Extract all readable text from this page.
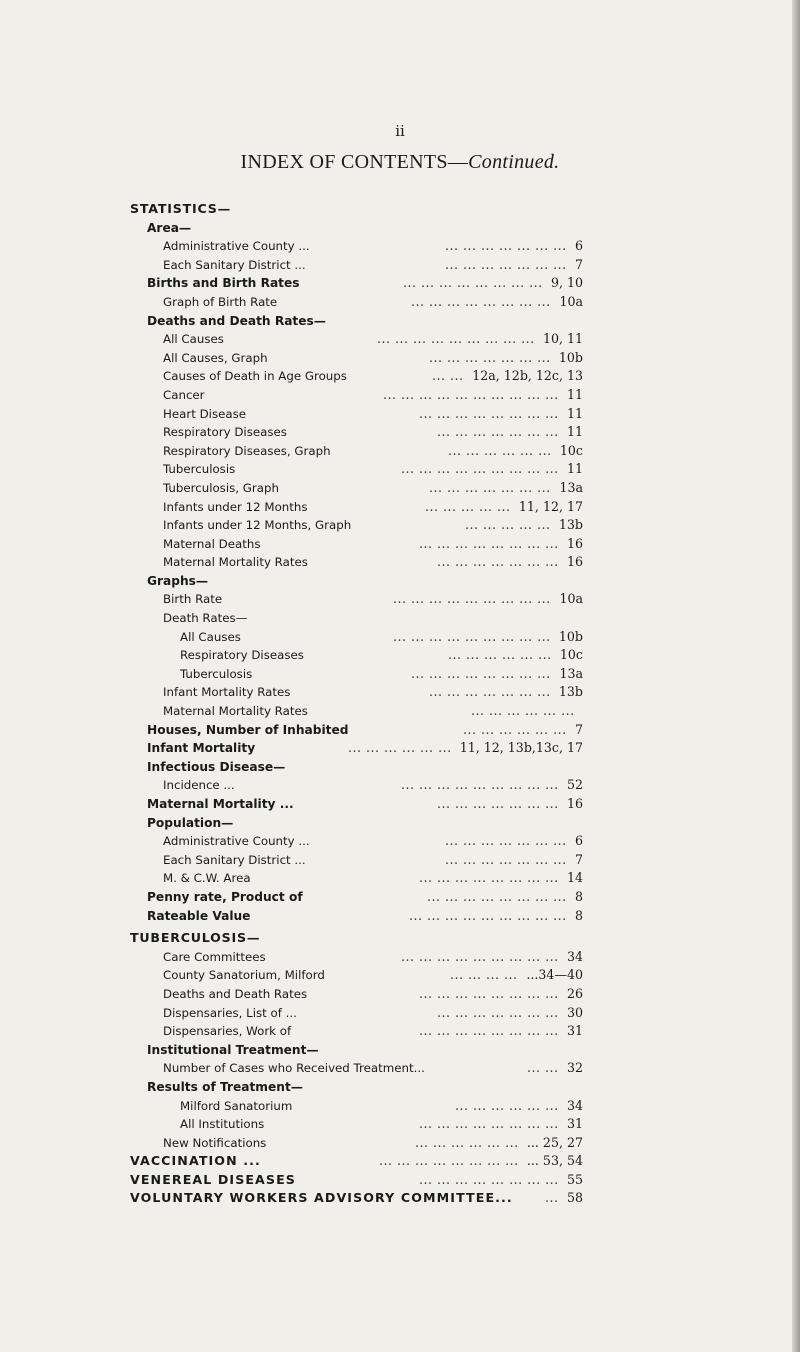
ii
INDEX OF CONTENTS—Continued.
STATISTICS—
Area—
Administrative County ...	... ... ... ... ... ... ... 6
Each Sanitary District ...	... ... ... ... ... ... ... 7
Births and Birth Rates	... ... ... ... ... ... ... ... 9, 10
Graph of Birth Rate	... ... ... ... ... ... ... ... 10a
Deaths and Death Rates—
All Causes	... ... ... ... ... ... ... ... ... 10, 11
All Causes, Graph	... ... ... ... ... ... ... 10b
Causes of Death in Age Groups	... ... 12a, 12b, 12c, 13
Cancer	... ... ... ... ... ... ... ... ... ... 11
Heart Disease	... ... ... ... ... ... ... ... 11
Respiratory Diseases	... ... ... ... ... ... ... 11
Respiratory Diseases, Graph	... ... ... ... ... ... 10c
Tuberculosis	... ... ... ... ... ... ... ... ... 11
Tuberculosis, Graph	... ... ... ... ... ... ... 13a
Infants under 12 Months	... ... ... ... ... 11, 12, 17
Infants under 12 Months, Graph	... ... ... ... ... 13b
Maternal Deaths	... ... ... ... ... ... ... ... 16
Maternal Mortality Rates	... ... ... ... ... ... ... 16
Graphs—
Birth Rate	... ... ... ... ... ... ... ... ... 10a
Death Rates—
All Causes	... ... ... ... ... ... ... ... ... 10b
Respiratory Diseases	... ... ... ... ... ... 10c
Tuberculosis	... ... ... ... ... ... ... ... 13a
Infant Mortality Rates	... ... ... ... ... ... ... 13b
Maternal Mortality Rates	... ... ... ... ... ...
Houses, Number of Inhabited	... ... ... ... ... ... 7
Infant Mortality	... ... ... ... ... ... 11, 12, 13b,13c, 17
Infectious Disease—
Incidence ...	... ... ... ... ... ... ... ... ... 52
Maternal Mortality ...	... ... ... ... ... ... ... 16
Population—
Administrative County ...	... ... ... ... ... ... ... 6
Each Sanitary District ...	... ... ... ... ... ... ... 7
M. & C.W. Area	... ... ... ... ... ... ... ... 14
Penny rate, Product of	... ... ... ... ... ... ... ... 8
Rateable Value	... ... ... ... ... ... ... ... ... 8
TUBERCULOSIS—
Care Committees	... ... ... ... ... ... ... ... ... 34
County Sanatorium, Milford	... ... ... ... ...34—40
Deaths and Death Rates	... ... ... ... ... ... ... ... 26
Dispensaries, List of ...	... ... ... ... ... ... ... 30
Dispensaries, Work of	... ... ... ... ... ... ... ... 31
Institutional Treatment—
Number of Cases who Received Treatment...	... ... 32
Results of Treatment—
Milford Sanatorium	... ... ... ... ... ... 34
All Institutions	... ... ... ... ... ... ... ... 31
New Notifications	... ... ... ... ... ... ... 25, 27
VACCINATION ...	... ... ... ... ... ... ... ... ... 53, 54
VENEREAL DISEASES	... ... ... ... ... ... ... ... 55
VOLUNTARY WORKERS ADVISORY COMMITTEE...	... 58
